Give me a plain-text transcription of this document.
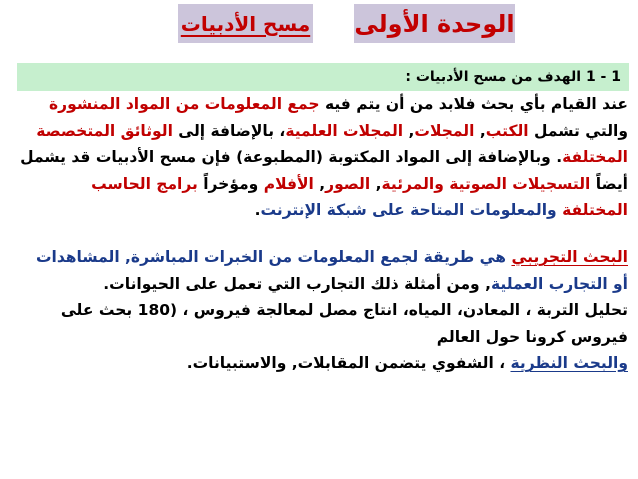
الوحدة الأولى
مسح الأدبيات
1 - 1 الهدف من مسح الأدبيات :
عند القيام بأي بحث فلابد من أن يتم فيه جمع المعلومات من المواد المنشورة
والتي تشمل الكتب, المجلات, المجلات العلمية، بالإضافة إلى الوثائق المتخصصة
المختلفة. وبالإضافة إلى المواد المكتوبة (المطبوعة) فإن مسح الأدبيات قد يشمل
أيضاً التسجيلات الصوتية والمرئية, الصور, الأفلام ومؤخراً برامج الحاسب
المختلفة والمعلومات المتاحة على شبكة الإنترنت.
البحث التجريبي هي طريقة لجمع المعلومات من الخبرات المباشرة, المشاهدات
أو التجارب العملية, ومن أمثلة ذلك التجارب التي تعمل على الحيوانات.
تحليل التربة ، المعادن، المياه، انتاج مصل لمعالجة فيروس ، (180 بحث على
فيروس كرونا حول العالم
والبحث النظرية ، الشفوي يتضمن المقابلات, والاستبيانات.
